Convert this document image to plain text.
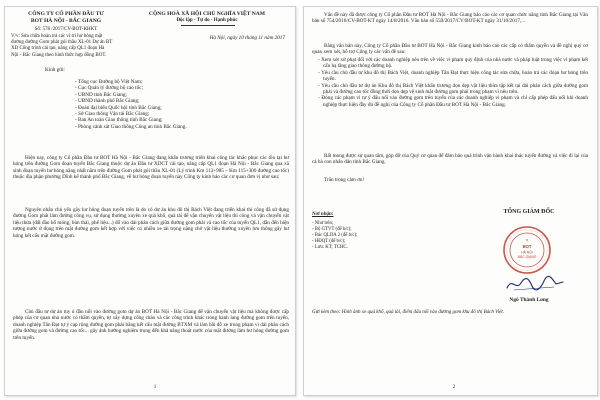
CÔNG TY CỔ PHẦN ĐẦU TƯ
BOT HÀ NỘI - BẮC GIANG
CỘNG HOÀ XÃ HỘI CHỦ NGHĨA VIỆT NAM
Độc lập - Tự do - Hạnh phúc
Số: 578 /2017/CV-BOT-KHKT
V/v: Sửa chữa hoàn trả các vị trí hư hỏng mặt đường đường Gom phát gói thầu XL-01 Dự án BT XD Công trình cải tạo, nâng cấp QL1 đoạn Hà Nội - Bắc Giang theo hình thức hợp đồng BOT.
Hà Nội, ngày 10 tháng 11 năm 2017
Kính gửi:
- Tổng cục Đường bộ Việt Nam;
- Cục Quản lý đường bộ cao tốc;
- UBND tỉnh Bắc Giang;
- UBND thành phố Bắc Giang;
- Đoàn đại biểu Quốc hội tỉnh Bắc Giang;
- Sở Giao thông Vận tải Bắc Giang;
- Ban An toàn Giao thông tỉnh Bắc Giang;
- Phòng cảnh sát Giao thông Công an tỉnh Bắc Giang.
Hiện nay, công ty Cổ phần Đầu tư BOT Hà Nội - Bắc Giang đang khẩn trương triển khai công tác khắc phục các tồn tại hư hỏng trên đường Gom đoạn tuyến Bắc Giang thuộc dự án Đầu tư XDCT cải tạo, nâng cấp QL1 đoạn Hà Nội - Bắc Giang qua xã sinh đoạn tuyến hư hỏng nặng nhất nằm trên đường Gom phát gói thầu XL-01 (Lý trình Km 113+985 – Km 115+300 đường cao tốc) thuộc địa phận phường Dĩnh kế thành phố Bắc Giang, về hư hỏng đoạn tuyến này Công ty kính báo các cơ quan đơn vị như sau:
Nguyên nhân chủ yếu gây hư hỏng đoạn tuyến trên là do có dự án khu đô thị Bách Việt đang triển khai thi công đã sử dụng đường Gom phát làm đường công vụ, sử dụng thường xuyên xe quá khổ, quá tải để vận chuyển vật liệu thi công và vận chuyển vật liệu thừa (đất đào hố móng, bùn thải, phế liệu...) đổ vào dải phân cách giữa đường gom phải và cao tốc của tuyến QL1, dẫn đến hiện tượng nước ứ đọng trên mặt đường gom kết hợp với việc có nhiều xe tải trọng nặng chở vật liệu thường xuyên lưu thông gây hư hỏng kết cấu mặt đường gom.
Chủ đầu tư dự án tuy ủ đầu nối vào đường gom dự án BOT Hà Nội - Bắc Giang để vận chuyển vật liệu mà không được cấp phép của cơ quan nhà nước có thẩm quyền, tự xây dựng cổng chào và các công trình khác trong hành lang đường gom trên tuyến, doanh nghiệp Tân Đạt tự ý cạp rộng đường gom phải bằng kết cấu mặt đường BTXM và làm bãi đỗ xe trong phạm vi dải phân cách giữa đường gom và đường cao tốc... gây ảnh hưởng nghiêm trọng đến khả năng thoát nước của mặt đường làm hư hỏng đường gom trên tuyến.
1
Vấn đề này đã được công ty Cổ phần Đầu tư BOT Hà Nội - Bắc Giang báo cáo các cơ quan chức năng tỉnh Bắc Giang tại Văn bản số 754/2016/CV-BOT-KT ngày 14/8/2016. Văn bản số 559/2017/CV/BOT-KT ngày 31/10/2017,...
Bằng văn bản này, Công ty Cổ phần Đầu tư BOT Hà Nội - Bắc Giang kính báo cáo các cấp có thẩm quyền và đề nghị quý cơ quan xem xét, hỗ trợ Công ty các vấn đề sau:
- Xem xét xử phạt đối với các doanh nghiệp nêu trên về việc vi phạm quy định của nhà nước và pháp luật trong việc vi phạm kết cấu hạ tầng giao thông đường bộ.
- Yêu cầu chủ đầu tư khu đô thị Bách Việt, doanh nghiệp Tân Đạt thực hiện công tác sửa chữa, hoàn trả các đoạn hư hỏng trên tuyến.
- Yêu cầu chủ đầu tư dự án Khu đô thị Bách Việt khẩn trương dọn dẹp vật liệu thừa tập kết tại dải phân cách giữa đường gom phải và đường cao tốc đồng thời dọn dẹp vệ sinh mặt đường gom phải trong phạm vi nêu trên.
- Đóng các phạm vi tự ý đấu nối vào đường gom trên tuyến của các doanh nghiệp vi phạm và chỉ cấp phép đấu nối khi doanh nghiệp thực hiện đầy đủ đề nghị của Công ty Cổ phần Đầu tư BOT Hà Nội - Bắc Giang.
Rất mong được sự quan tâm, góp đỡ của Quý cơ quan để đảm bảo quá trình vận hành khai thác tuyến đường và việc đi lại của cả bà con nhân dân tỉnh Bắc Giang.
Trân trọng cảm ơn!
Nơi nhận:
- Như trên;
- Bộ GTVT (để b/c);
- Bác QLDA 2 (để b/c);
- HĐQT (để b/c);
- Lưu: KT; TCHC.
TỔNG GIÁM ĐỐC
BOT
HÀ NỘI
BẮC GIANG
★
Ngô Thành Long
Gửi kèm theo: Hình ảnh xe quá khổ, quá tải, điểm đấu nối vào đường gom khu đô thị Bách Việt.
2
